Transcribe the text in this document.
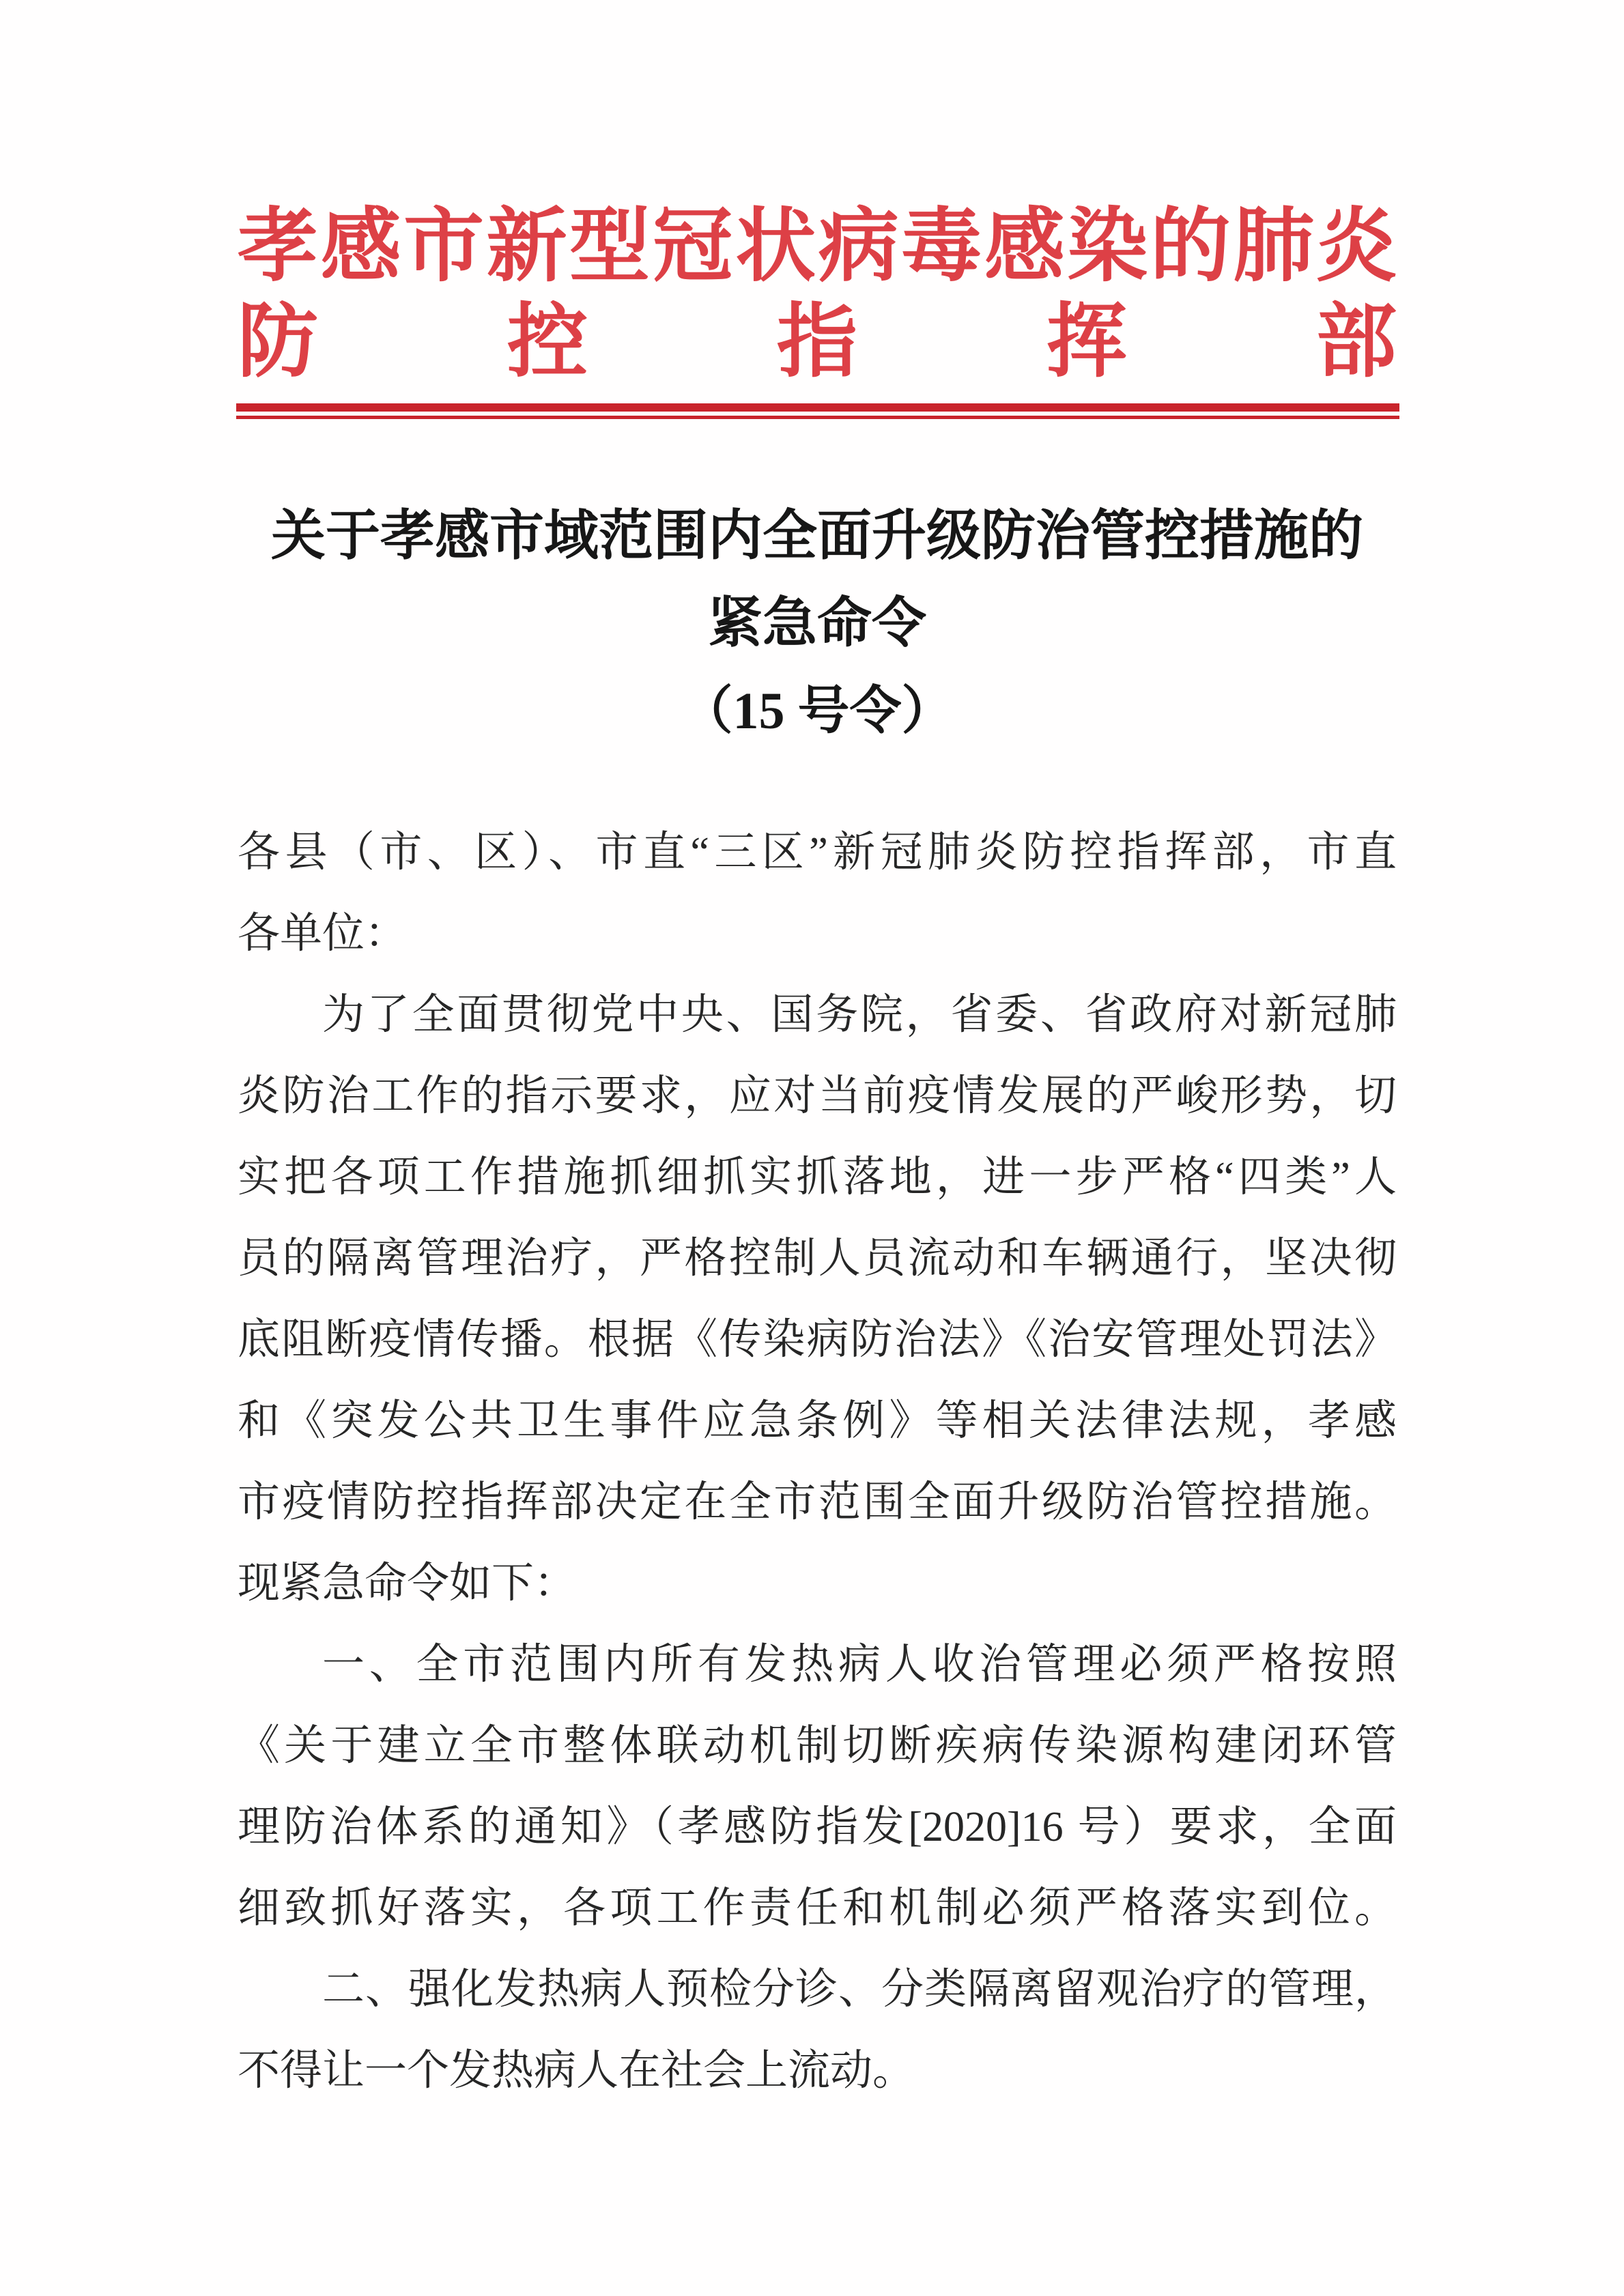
孝感市新型冠状病毒感染的肺炎
防 控 指 挥 部
关于孝感市域范围内全面升级防治管控措施的
紧急命令
（15 号令）
各县（市、区）、市直“三区”新冠肺炎防控指挥部，市直
各单位：
为了全面贯彻党中央、国务院，省委、省政府对新冠肺
炎防治工作的指示要求，应对当前疫情发展的严峻形势，切
实把各项工作措施抓细抓实抓落地，进一步严格“四类”人
员的隔离管理治疗，严格控制人员流动和车辆通行，坚决彻
底阻断疫情传播。根据《传染病防治法》《治安管理处罚法》
和《突发公共卫生事件应急条例》等相关法律法规，孝感
市疫情防控指挥部决定在全市范围全面升级防治管控措施。
现紧急命令如下：
一、全市范围内所有发热病人收治管理必须严格按照
《关于建立全市整体联动机制切断疾病传染源构建闭环管
理防治体系的通知》（孝感防指发[2020]16 号）要求，全面
细致抓好落实，各项工作责任和机制必须严格落实到位。
二、强化发热病人预检分诊、分类隔离留观治疗的管理，
不得让一个发热病人在社会上流动。
